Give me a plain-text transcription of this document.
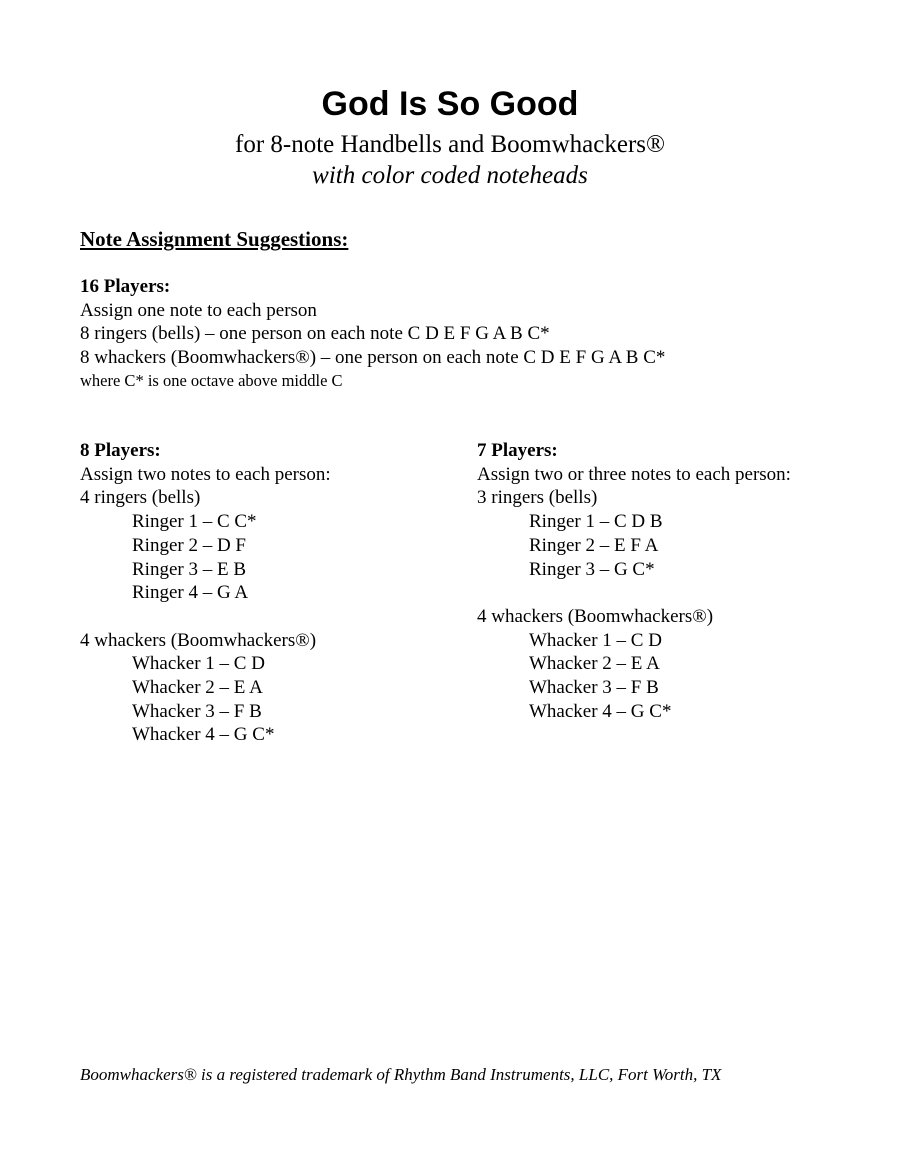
God Is So Good
for 8-note Handbells and Boomwhackers®
with color coded noteheads
Note Assignment Suggestions:
16 Players:
Assign one note to each person
8 ringers (bells) – one person on each note C D E F G A B C*
8 whackers (Boomwhackers®) – one person on each note C D E F G A B C*
where C* is one octave above middle C
8 Players:
Assign two notes to each person:
4 ringers (bells)
Ringer 1 – C C*
Ringer 2 – D F
Ringer 3 – E B
Ringer 4 – G A
4 whackers (Boomwhackers®)
Whacker 1 – C D
Whacker 2 – E A
Whacker 3 – F B
Whacker 4 – G C*
7 Players:
Assign two or three notes to each person:
3 ringers (bells)
Ringer 1 – C D B
Ringer 2 – E F A
Ringer 3 – G C*
4 whackers (Boomwhackers®)
Whacker 1 – C D
Whacker 2 – E A
Whacker 3 – F B
Whacker 4 – G C*
Boomwhackers® is a registered trademark of Rhythm Band Instruments, LLC, Fort Worth, TX
